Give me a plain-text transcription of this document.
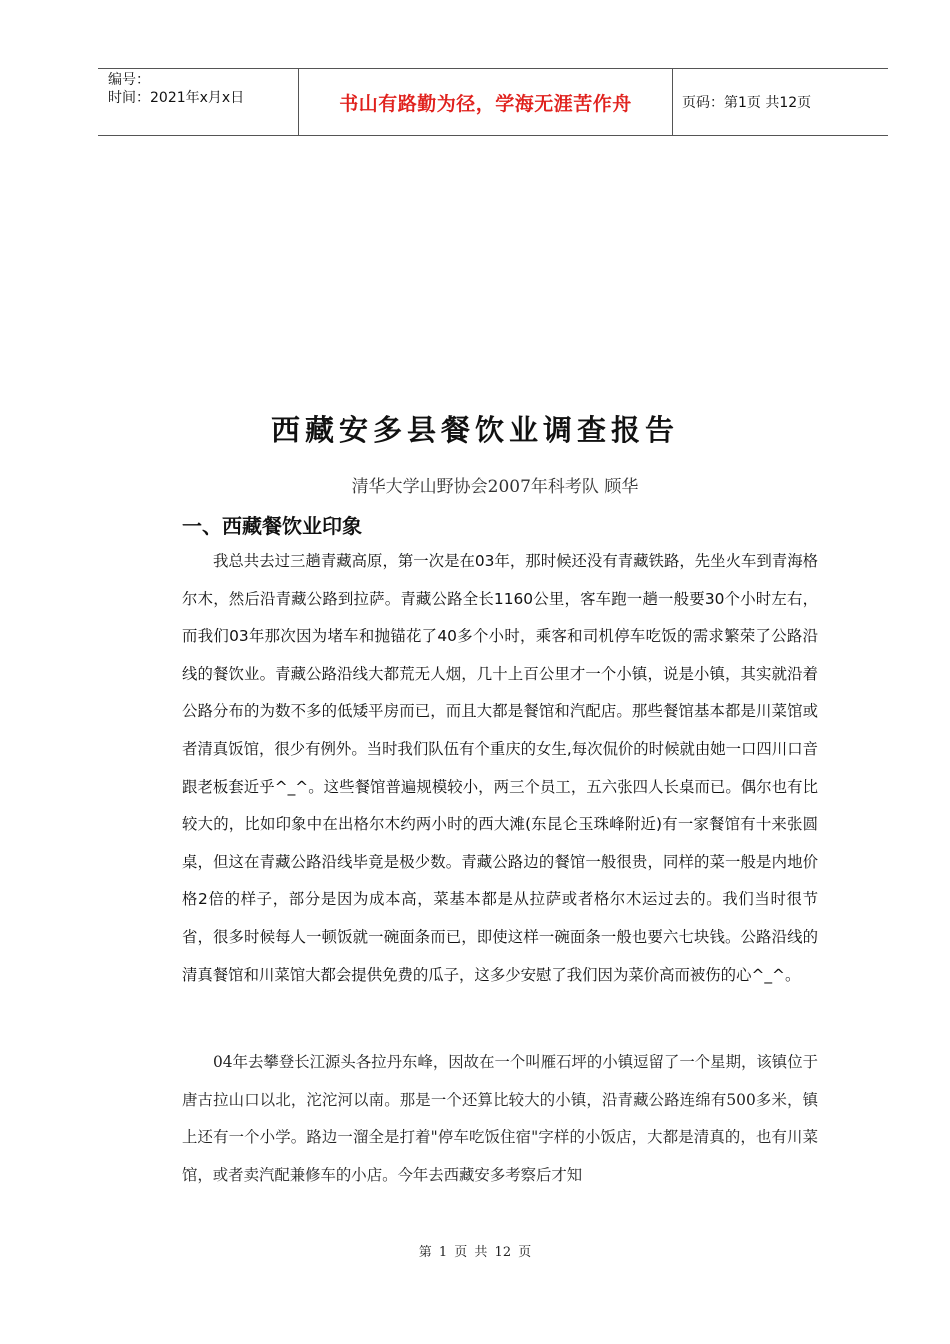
编号：
时间：2021年x月x日	书山有路勤为径，学海无涯苦作舟	页码：第1页 共12页
西藏安多县餐饮业调查报告
清华大学山野协会2007年科考队 顾华
一、西藏餐饮业印象

我总共去过三趟青藏高原，第一次是在03年，那时候还没有青藏铁路，先坐火车到青海格尔木，然后沿青藏公路到拉萨。青藏公路全长1160公里，客车跑一趟一般要30个小时左右，而我们03年那次因为堵车和抛锚花了40多个小时，乘客和司机停车吃饭的需求繁荣了公路沿线的餐饮业。青藏公路沿线大都荒无人烟，几十上百公里才一个小镇，说是小镇，其实就沿着公路分布的为数不多的低矮平房而已，而且大都是餐馆和汽配店。那些餐馆基本都是川菜馆或者清真饭馆，很少有例外。当时我们队伍有个重庆的女生,每次侃价的时候就由她一口四川口音跟老板套近乎^_^。这些餐馆普遍规模较小，两三个员工，五六张四人长桌而已。偶尔也有比较大的，比如印象中在出格尔木约两小时的西大滩(东昆仑玉珠峰附近)有一家餐馆有十来张圆桌，但这在青藏公路沿线毕竟是极少数。青藏公路边的餐馆一般很贵，同样的菜一般是内地价格2倍的样子，部分是因为成本高，菜基本都是从拉萨或者格尔木运过去的。我们当时很节省，很多时候每人一顿饭就一碗面条而已，即使这样一碗面条一般也要六七块钱。公路沿线的清真餐馆和川菜馆大都会提供免费的瓜子，这多少安慰了我们因为菜价高而被伤的心^_^。

04年去攀登长江源头各拉丹东峰，因故在一个叫雁石坪的小镇逗留了一个星期，该镇位于唐古拉山口以北，沱沱河以南。那是一个还算比较大的小镇，沿青藏公路连绵有500多米，镇上还有一个小学。路边一溜全是打着"停车吃饭住宿"字样的小饭店，大都是清真的，也有川菜馆，或者卖汽配兼修车的小店。今年去西藏安多考察后才知

第 1 页 共 12 页
